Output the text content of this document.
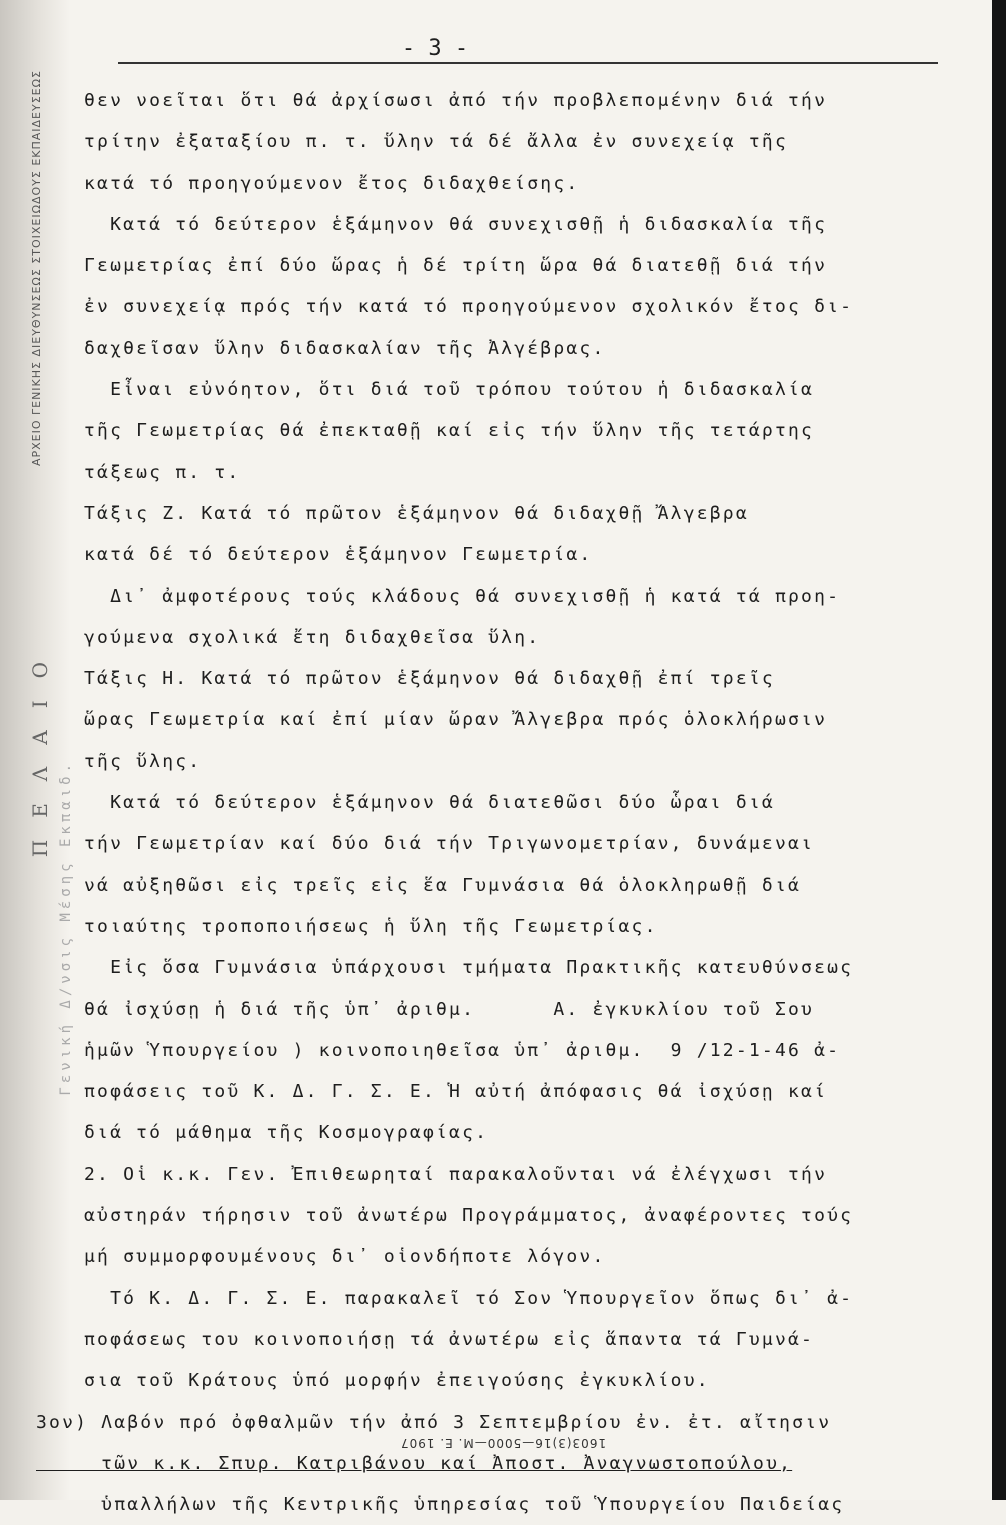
ΑΡΧΕΙΟ ΓΕΝΙΚΗΣ ΔΙΕΥΘΥΝΣΕΩΣ ΣΤΟΙΧΕΙΩΔΟΥΣ ΕΚΠΑΙΔΕΥΣΕΩΣ
ΠΕΛΑΙΟ
Γενική Δ/νσις Μέσης Εκπαιδ.
- 3 -
θεν νοεῖται ὅτι θά ἀρχίσωσι ἀπό τήν προβλεπομένην διά τήν
τρίτην ἐξαταξίου π. τ. ὕλην τά δέ ἄλλα ἐν συνεχείᾳ τῆς
κατά τό προηγούμενον ἔτος διδαχθείσης.
Κατά τό δεύτερον ἑξάμηνον θά συνεχισθῇ ἡ διδασκαλία τῆς
Γεωμετρίας ἐπί δύο ὥρας ἡ δέ τρίτη ὥρα θά διατεθῇ διά τήν
ἐν συνεχείᾳ πρός τήν κατά τό προηγούμενον σχολικόν ἔτος δι-
δαχθεῖσαν ὕλην διδασκαλίαν τῆς Ἀλγέβρας.
Εἶναι εὐνόητον, ὅτι διά τοῦ τρόπου τούτου ἡ διδασκαλία
τῆς Γεωμετρίας θά ἐπεκταθῇ καί εἰς τήν ὕλην τῆς τετάρτης
τάξεως π. τ.
Τάξις Ζ. Κατά τό πρῶτον ἑξάμηνον θά διδαχθῇ Ἄλγεβρα
κατά δέ τό δεύτερον ἑξάμηνον Γεωμετρία.
Δι᾿ ἀμφοτέρους τούς κλάδους θά συνεχισθῇ ἡ κατά τά προη-
γούμενα σχολικά ἔτη διδαχθεῖσα ὕλη.
Τάξις Η. Κατά τό πρῶτον ἑξάμηνον θά διδαχθῇ ἐπί τρεῖς
ὥρας Γεωμετρία καί ἐπί μίαν ὥραν Ἄλγεβρα πρός ὁλοκλήρωσιν
τῆς ὕλης.
Κατά τό δεύτερον ἑξάμηνον θά διατεθῶσι δύο ὧραι διά
τήν Γεωμετρίαν καί δύο διά τήν Τριγωνομετρίαν, δυνάμεναι
νά αὐξηθῶσι εἰς τρεῖς εἰς ἕα Γυμνάσια θά ὁλοκληρωθῇ διά
τοιαύτης τροποποιήσεως ἡ ὕλη τῆς Γεωμετρίας.
Εἰς ὅσα Γυμνάσια ὑπάρχουσι τμήματα Πρακτικῆς κατευθύνσεως
θά ἰσχύσῃ ἡ διά τῆς ὑπ᾿ ἀριθμ.      Α. ἐγκυκλίου τοῦ Σου
ἡμῶν Ὑπουργείου ) κοινοποιηθεῖσα ὑπ᾿ ἀριθμ.  9 /12-1-46 ἀ-
ποφάσεις τοῦ Κ. Δ. Γ. Σ. Ε. Ἡ αὐτή ἀπόφασις θά ἰσχύσῃ καί
διά τό μάθημα τῆς Κοσμογραφίας.
2. Οἱ κ.κ. Γεν. Ἐπιθεωρηταί παρακαλοῦνται νά ἐλέγχωσι τήν
αὐστηράν τήρησιν τοῦ ἀνωτέρω Προγράμματος, ἀναφέροντες τούς
μή συμμορφουμένους δι᾿ οἱονδήποτε λόγον.
Τό Κ. Δ. Γ. Σ. Ε. παρακαλεῖ τό Σον Ὑπουργεῖον ὅπως δι᾿ ἀ-
ποφάσεως του κοινοποιήσῃ τά ἀνωτέρω εἰς ἅπαντα τά Γυμνά-
σια τοῦ Κράτους ὑπό μορφήν ἐπειγούσης ἐγκυκλίου.
3ον) Λαβόν πρό ὀφθαλμῶν τήν ἀπό 3 Σεπτεμβρίου ἐν. ἐτ. αἴτησιν
τῶν κ.κ. Σπυρ. Κατριβάνου καί Ἀποστ. Ἀναγνωστοπούλου,
ὑπαλλήλων τῆς Κεντρικῆς ὑπηρεσίας τοῦ Ὑπουργείου Παιδείας
1603(3)16—5000—Μ. Ε. 1907
